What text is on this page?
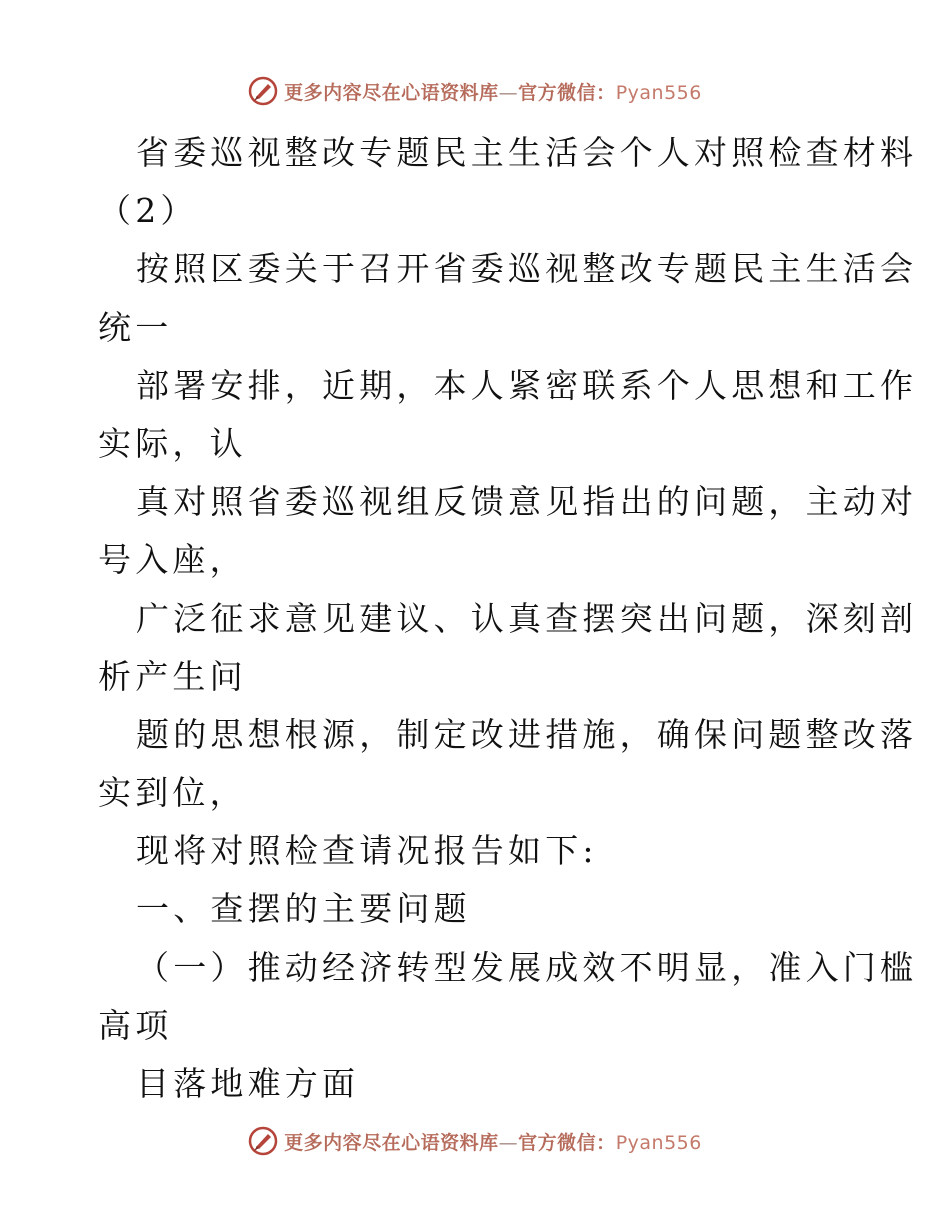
更多内容尽在心语资料库—官方微信：Pyan556
省委巡视整改专题民主生活会个人对照检查材料
（2）
按照区委关于召开省委巡视整改专题民主生活会
统一
部署安排，近期，本人紧密联系个人思想和工作
实际，认
真对照省委巡视组反馈意见指出的问题，主动对
号入座，
广泛征求意见建议、认真查摆突出问题，深刻剖
析产生问
题的思想根源，制定改进措施，确保问题整改落
实到位，
现将对照检查请况报告如下:
一、查摆的主要问题
（一）推动经济转型发展成效不明显，准入门槛
高项
目落地难方面
更多内容尽在心语资料库—官方微信：Pyan556
